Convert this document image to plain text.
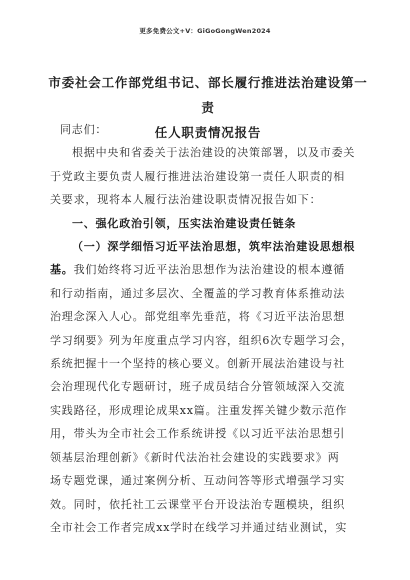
更多免费公文+V：GiGoGongWen2024
市委社会工作部党组书记、部长履行推进法治建设第一责
任人职责情况报告
同志们：
根据中央和省委关于法治建设的决策部署，以及市委关
于党政主要负责人履行推进法治建设第一责任人职责的相
关要求，现将本人履行法治建设职责情况报告如下：
一、强化政治引领，压实法治建设责任链条
（一）深学细悟习近平法治思想，筑牢法治建设思想根
基。我们始终将习近平法治思想作为法治建设的根本遵循
和行动指南，通过多层次、全覆盖的学习教育体系推动法
治理念深入人心。部党组率先垂范，将《习近平法治思想
学习纲要》列为年度重点学习内容，组织6次专题学习会，
系统把握十一个坚持的核心要义。创新开展法治建设与社
会治理现代化专题研讨，班子成员结合分管领域深入交流
实践路径，形成理论成果xx篇。注重发挥关键少数示范作
用，带头为全市社会工作系统讲授《以习近平法治思想引
领基层治理创新》《新时代法治社会建设的实践要求》两
场专题党课，通过案例分析、互动问答等形式增强学习实
效。同时，依托社工云课堂平台开设法治专题模块，组织
全市社会工作者完成xx学时在线学习并通过结业测试，实
